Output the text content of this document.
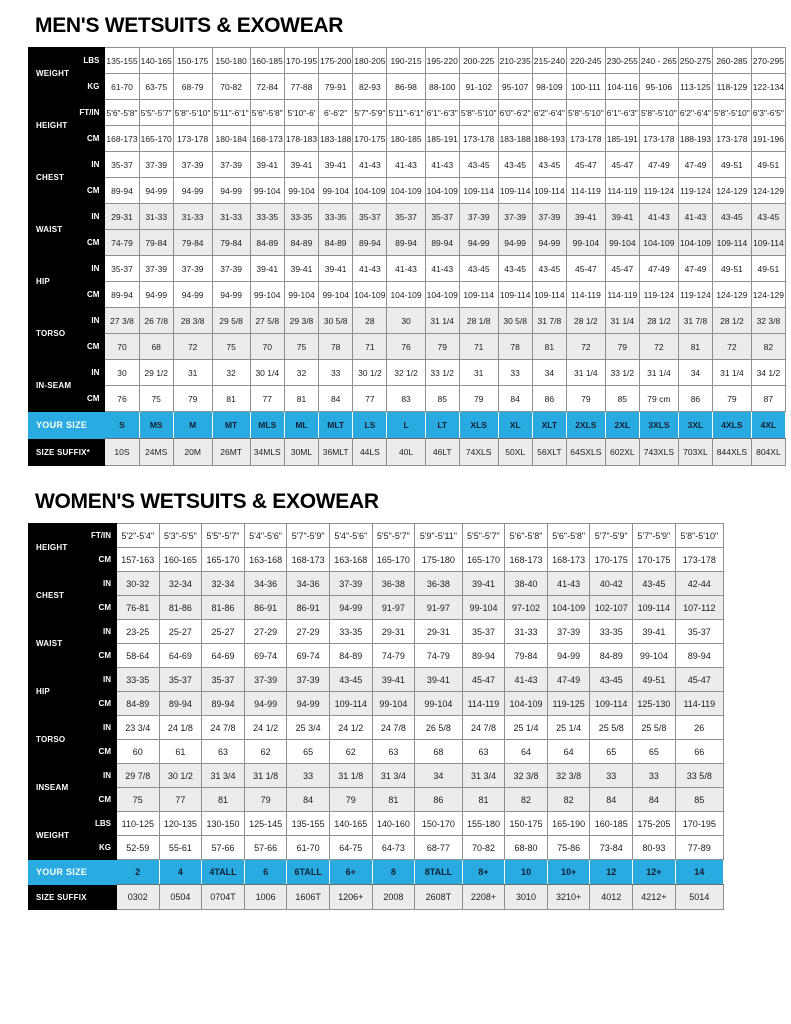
MEN'S WETSUITS & EXOWEAR
WEIGHT	LBS	135-155	140-165	150-175	150-180	160-185	170-195	175-200	180-205	190-215	195-220	200-225	210-235	215-240	220-245	230-255	240 - 265	250-275	260-285	270-295
	KG	61-70	63-75	68-79	70-82	72-84	77-88	79-91	82-93	86-98	88-100	91-102	95-107	98-109	100-111	104-116	95-106	113-125	118-129	122-134
HEIGHT	FT/IN	5'6"-5'8"	5'5"-5'7"	5'8"-5'10"	5'11"-6'1"	5'6"-5'8"	5'10"-6'	6'-6'2"	5'7"-5'9"	5'11"-6'1"	6'1"-6'3"	5'8"-5'10"	6'0"-6'2"	6'2"-6'4"	5'8"-5'10"	6'1"-6'3"	5'8"-5'10"	6'2"-6'4"	5'8"-5'10"	6'3"-6'5"
	CM	168-173	165-170	173-178	180-184	168-173	178-183	183-188	170-175	180-185	185-191	173-178	183-188	188-193	173-178	185-191	173-178	188-193	173-178	191-196
CHEST	IN	35-37	37-39	37-39	37-39	39-41	39-41	39-41	41-43	41-43	41-43	43-45	43-45	43-45	45-47	45-47	47-49	47-49	49-51	49-51
	CM	89-94	94-99	94-99	94-99	99-104	99-104	99-104	104-109	104-109	104-109	109-114	109-114	109-114	114-119	114-119	119-124	119-124	124-129	124-129
WAIST	IN	29-31	31-33	31-33	31-33	33-35	33-35	33-35	35-37	35-37	35-37	37-39	37-39	37-39	39-41	39-41	41-43	41-43	43-45	43-45
	CM	74-79	79-84	79-84	79-84	84-89	84-89	84-89	89-94	89-94	89-94	94-99	94-99	94-99	99-104	99-104	104-109	104-109	109-114	109-114
HIP	IN	35-37	37-39	37-39	37-39	39-41	39-41	39-41	41-43	41-43	41-43	43-45	43-45	43-45	45-47	45-47	47-49	47-49	49-51	49-51
	CM	89-94	94-99	94-99	94-99	99-104	99-104	99-104	104-109	104-109	104-109	109-114	109-114	109-114	114-119	114-119	119-124	119-124	124-129	124-129
TORSO	IN	27 3/8	26 7/8	28 3/8	29 5/8	27 5/8	29 3/8	30 5/8	28	30	31 1/4	28 1/8	30 5/8	31 7/8	28 1/2	31 1/4	28 1/2	31 7/8	28 1/2	32 3/8
	CM	70	68	72	75	70	75	78	71	76	79	71	78	81	72	79	72	81	72	82
IN-SEAM	IN	30	29 1/2	31	32	30 1/4	32	33	30 1/2	32 1/2	33 1/2	31	33	34	31 1/4	33 1/2	31 1/4	34	31 1/4	34 1/2
	CM	76	75	79	81	77	81	84	77	83	85	79	84	86	79	85	79 cm	86	79	87
YOUR SIZE		S	MS	M	MT	MLS	ML	MLT	LS	L	LT	XLS	XL	XLT	2XLS	2XL	3XLS	3XL	4XLS	4XL
SIZE SUFFIX*		10S	24MS	20M	26MT	34MLS	30ML	36MLT	44LS	40L	46LT	74XLS	50XL	56XLT	64SXLS	602XL	743XLS	703XL	844XLS	804XL
WOMEN'S WETSUITS & EXOWEAR
HEIGHT	FT/IN	5'2"-5'4"	5'3"-5'5"	5'5"-5'7"	5'4"-5'6"	5'7"-5'9"	5'4"-5'6"	5'5"-5'7"	5'9"-5'11"	5'5"-5'7"	5'6"-5'8"	5'6"-5'8"	5'7"-5'9"	5'7"-5'9"	5'8"-5'10"
	CM	157-163	160-165	165-170	163-168	168-173	163-168	165-170	175-180	165-170	168-173	168-173	170-175	170-175	173-178
CHEST	IN	30-32	32-34	32-34	34-36	34-36	37-39	36-38	36-38	39-41	38-40	41-43	40-42	43-45	42-44
	CM	76-81	81-86	81-86	86-91	86-91	94-99	91-97	91-97	99-104	97-102	104-109	102-107	109-114	107-112
WAIST	IN	23-25	25-27	25-27	27-29	27-29	33-35	29-31	29-31	35-37	31-33	37-39	33-35	39-41	35-37
	CM	58-64	64-69	64-69	69-74	69-74	84-89	74-79	74-79	89-94	79-84	94-99	84-89	99-104	89-94
HIP	IN	33-35	35-37	35-37	37-39	37-39	43-45	39-41	39-41	45-47	41-43	47-49	43-45	49-51	45-47
	CM	84-89	89-94	89-94	94-99	94-99	109-114	99-104	99-104	114-119	104-109	119-125	109-114	125-130	114-119
TORSO	IN	23 3/4	24 1/8	24 7/8	24 1/2	25 3/4	24 1/2	24 7/8	26 5/8	24 7/8	25 1/4	25 1/4	25 5/8	25 5/8	26
	CM	60	61	63	62	65	62	63	68	63	64	64	65	65	66
INSEAM	IN	29 7/8	30 1/2	31 3/4	31 1/8	33	31 1/8	31 3/4	34	31 3/4	32 3/8	32 3/8	33	33	33 5/8
	CM	75	77	81	79	84	79	81	86	81	82	82	84	84	85
WEIGHT	LBS	110-125	120-135	130-150	125-145	135-155	140-165	140-160	150-170	155-180	150-175	165-190	160-185	175-205	170-195
	KG	52-59	55-61	57-66	57-66	61-70	64-75	64-73	68-77	70-82	68-80	75-86	73-84	80-93	77-89
YOUR SIZE		2	4	4TALL	6	6TALL	6+	8	8TALL	8+	10	10+	12	12+	14
SIZE SUFFIX		0302	0504	0704T	1006	1606T	1206+	2008	2608T	2208+	3010	3210+	4012	4212+	5014
